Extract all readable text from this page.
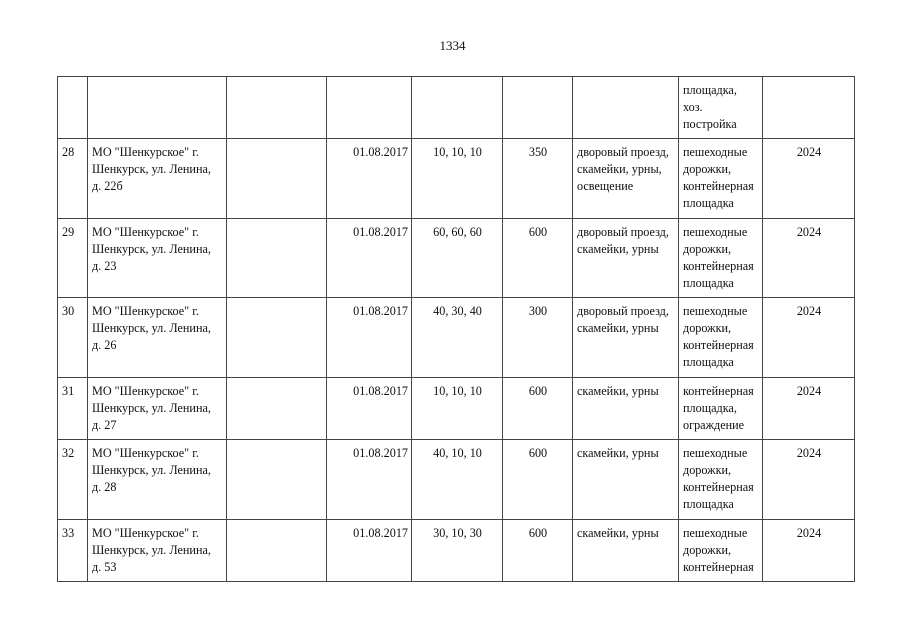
1334
							площадка, хоз. постройка	
28	МО "Шенкурское" г. Шенкурск, ул. Ленина, д. 22б		01.08.2017	10, 10, 10	350	дворовый проезд, скамейки, урны, освещение	пешеходные дорожки, контейнерная площадка	2024
29	МО "Шенкурское" г. Шенкурск, ул. Ленина, д. 23		01.08.2017	60, 60, 60	600	дворовый проезд, скамейки, урны	пешеходные дорожки, контейнерная площадка	2024
30	МО "Шенкурское" г. Шенкурск, ул. Ленина, д. 26		01.08.2017	40, 30, 40	300	дворовый проезд, скамейки, урны	пешеходные дорожки, контейнерная площадка	2024
31	МО "Шенкурское" г. Шенкурск, ул. Ленина, д. 27		01.08.2017	10, 10, 10	600	скамейки, урны	контейнерная площадка, ограждение	2024
32	МО "Шенкурское" г. Шенкурск, ул. Ленина, д. 28		01.08.2017	40, 10, 10	600	скамейки, урны	пешеходные дорожки, контейнерная площадка	2024
33	МО "Шенкурское" г. Шенкурск, ул. Ленина, д. 53		01.08.2017	30, 10, 30	600	скамейки, урны	пешеходные дорожки, контейнерная	2024
